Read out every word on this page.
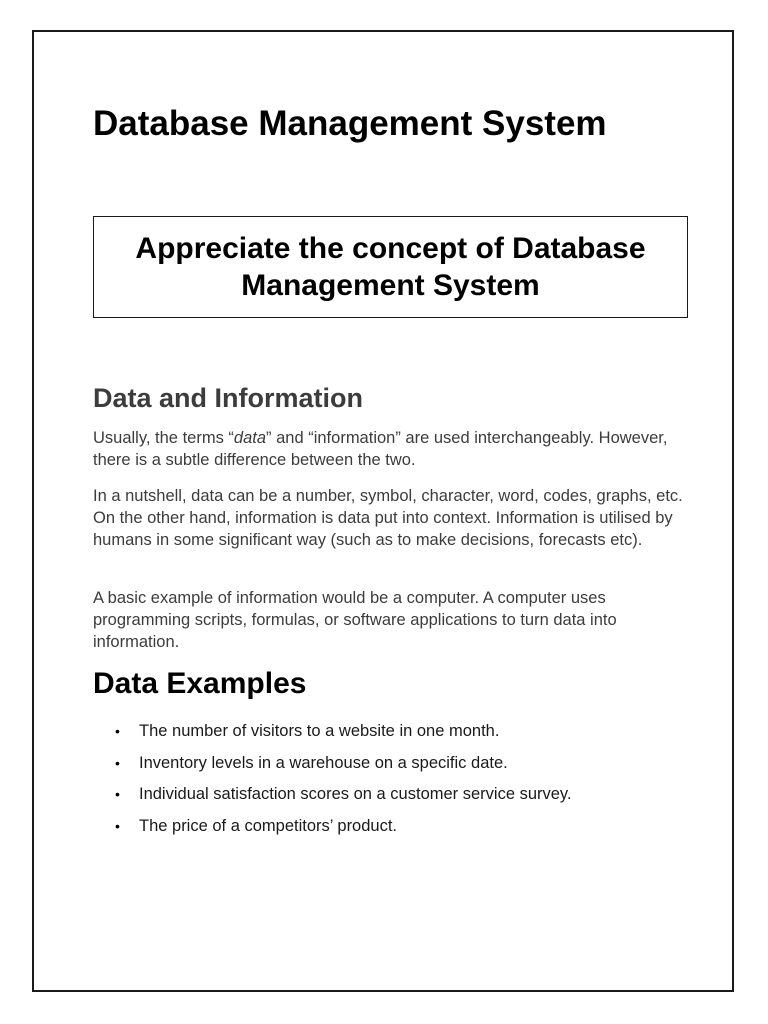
Database Management System
Appreciate the concept of Database
Management System
Data and Information

Usually, the terms “data” and “information” are used interchangeably. However, there is a subtle difference between the two.

In a nutshell, data can be a number, symbol, character, word, codes, graphs, etc. On the other hand, information is data put into context. Information is utilised by humans in some significant way (such as to make decisions, forecasts etc).

A basic example of information would be a computer. A computer uses programming scripts, formulas, or software applications to turn data into information.

Data Examples
• The number of visitors to a website in one month.
• Inventory levels in a warehouse on a specific date.
• Individual satisfaction scores on a customer service survey.
• The price of a competitors’ product.
